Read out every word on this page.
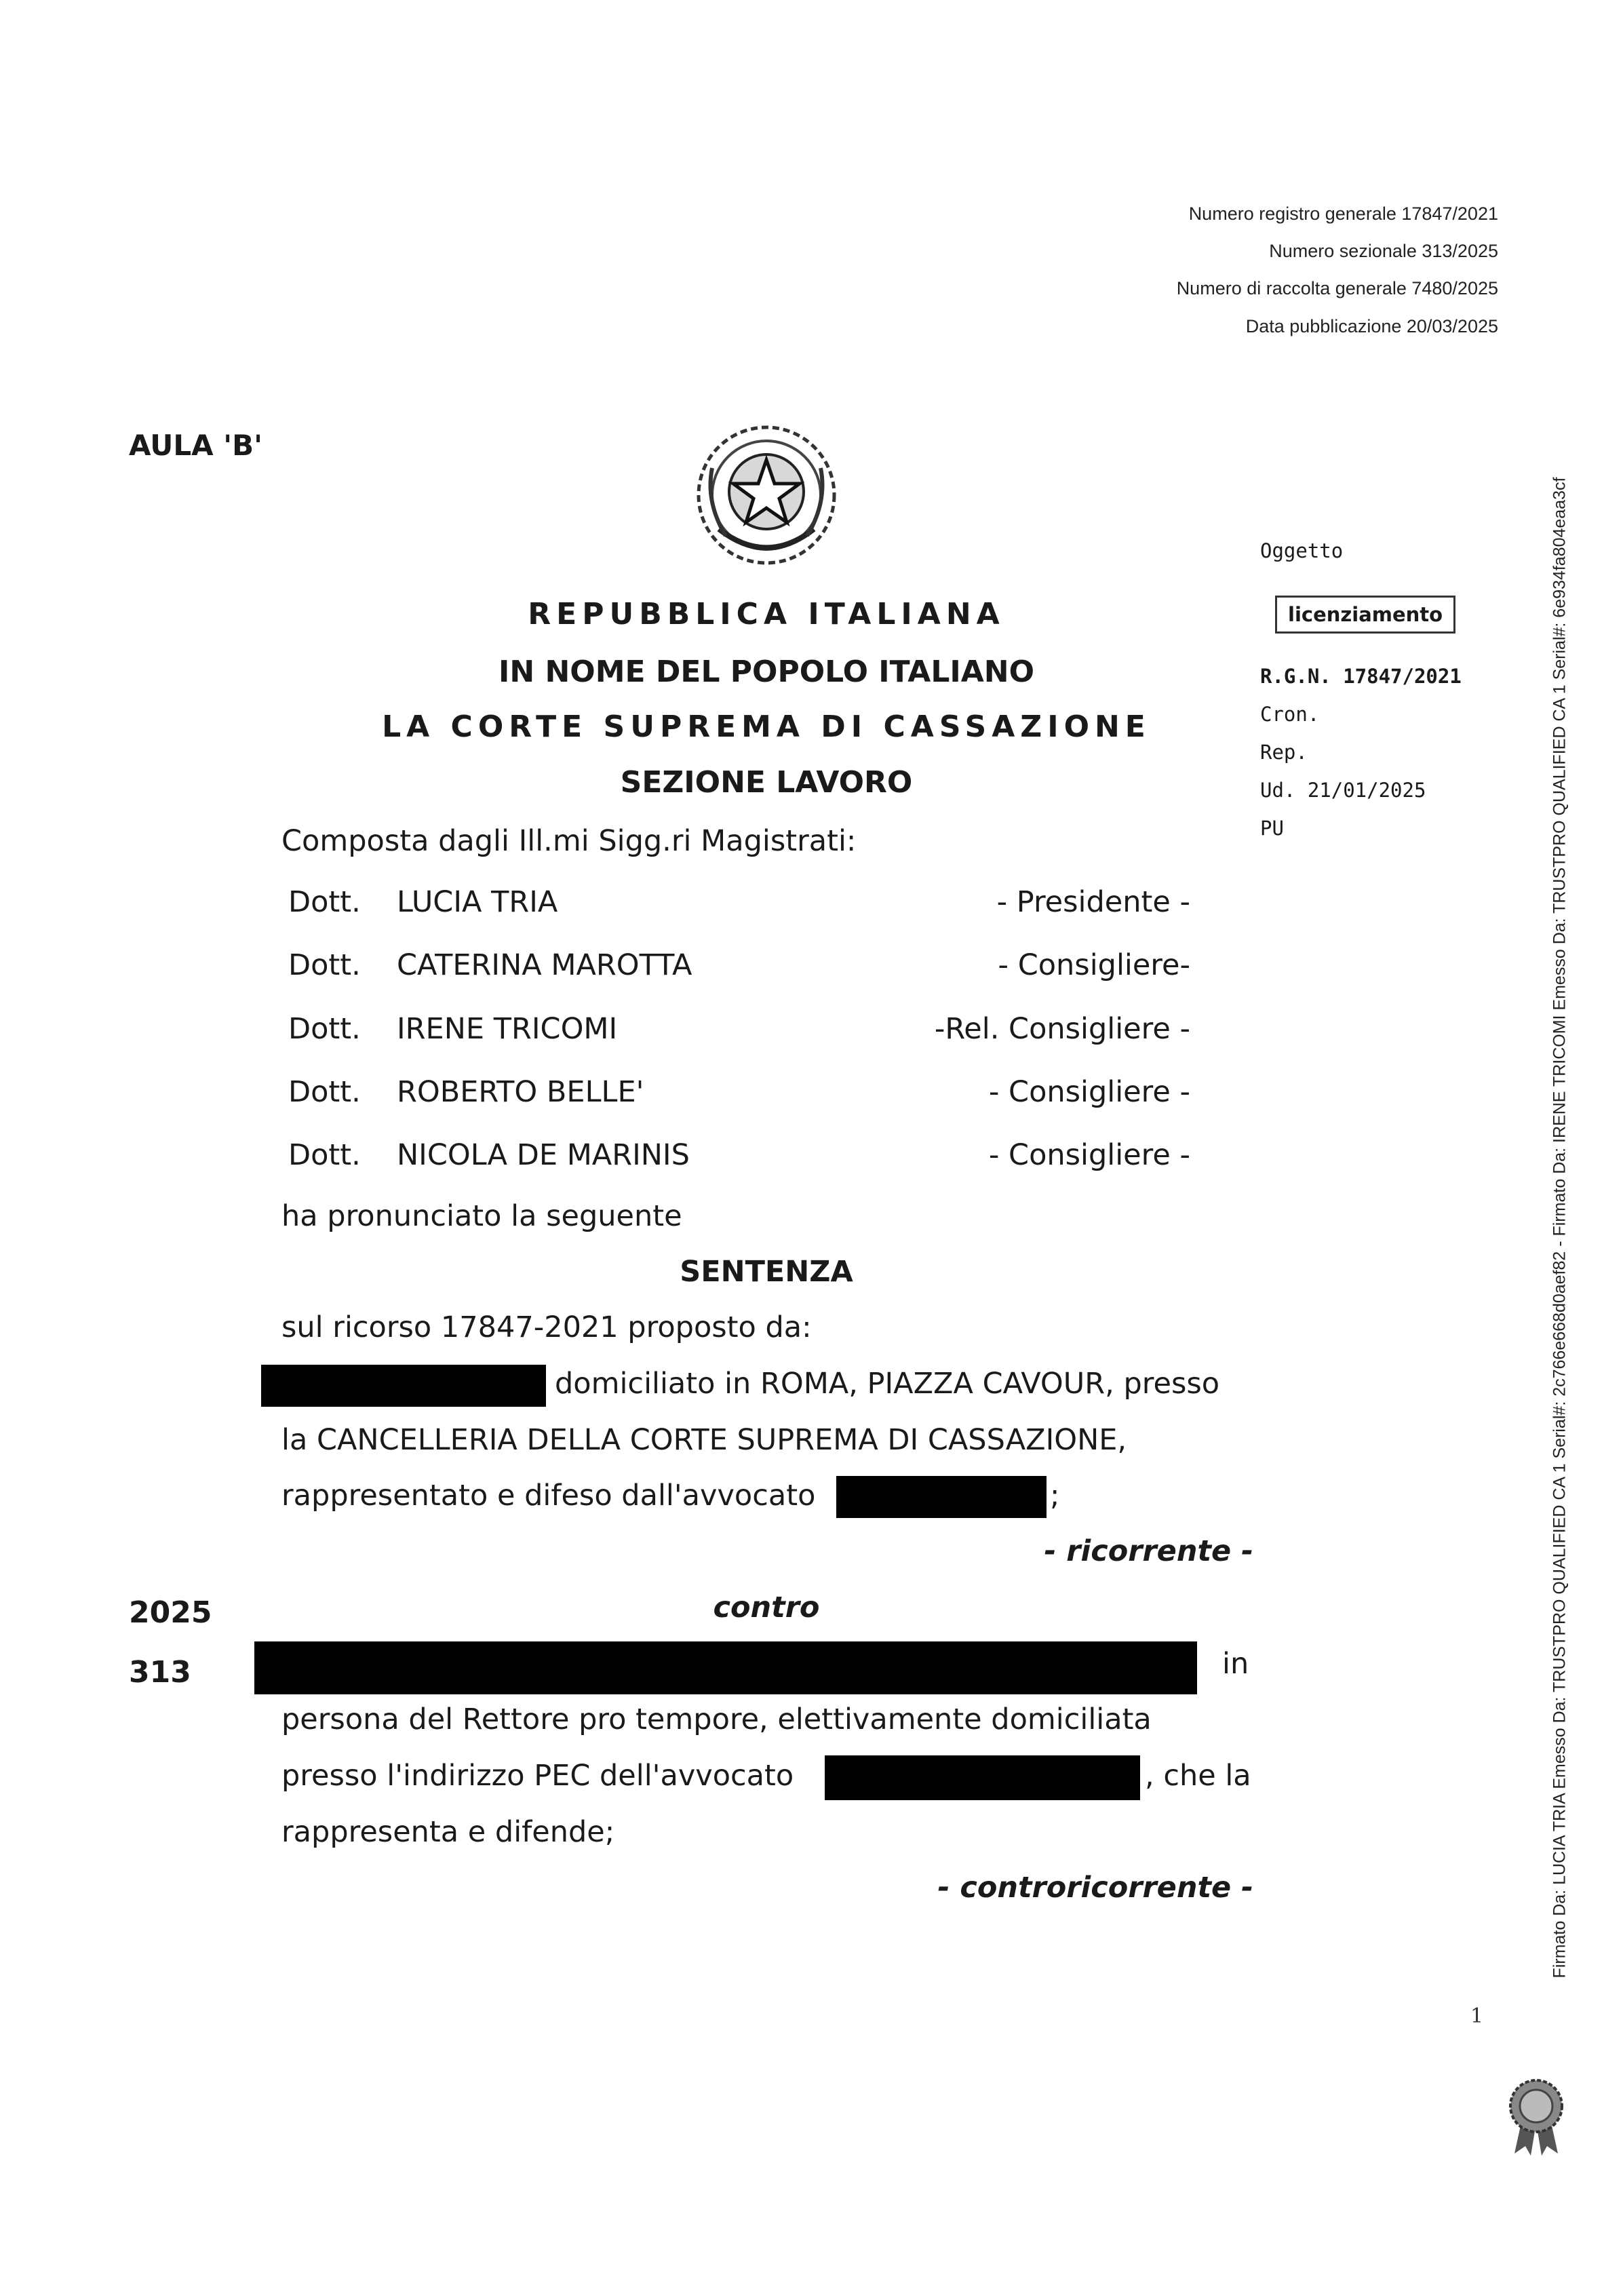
Numero registro generale 17847/2021
Numero sezionale 313/2025
Numero di raccolta generale 7480/2025
Data pubblicazione 20/03/2025
AULA 'B'
REPUBBLICA ITALIANA
IN NOME DEL POPOLO ITALIANO
LA CORTE SUPREMA DI CASSAZIONE
SEZIONE LAVORO
Oggetto
licenziamento
R.G.N. 17847/2021
Cron.
Rep.
Ud. 21/01/2025
PU
Composta dagli Ill.mi Sigg.ri Magistrati:
Dott. LUCIA TRIA	- Presidente -
Dott. CATERINA MAROTTA	- Consigliere-
Dott. IRENE TRICOMI	-Rel. Consigliere -
Dott. ROBERTO BELLE'	- Consigliere -
Dott. NICOLA DE MARINIS	- Consigliere -
ha pronunciato la seguente
SENTENZA
sul ricorso 17847-2021 proposto da:
domiciliato in ROMA, PIAZZA CAVOUR, presso
la CANCELLERIA DELLA CORTE SUPREMA DI CASSAZIONE,
rappresentato e difeso dall'avvocato	;
- ricorrente -
2025
313
contro
in
persona del Rettore pro tempore, elettivamente domiciliata
presso l'indirizzo PEC dell'avvocato	, che la
rappresenta e difende;
- controricorrente -
1
Firmato Da: LUCIA TRIA Emesso Da: TRUSTPRO QUALIFIED CA 1 Serial#: 2c766e668d0aef82 - Firmato Da: IRENE TRICOMI Emesso Da: TRUSTPRO QUALIFIED CA 1 Serial#: 6e934fa804eaa3cf
